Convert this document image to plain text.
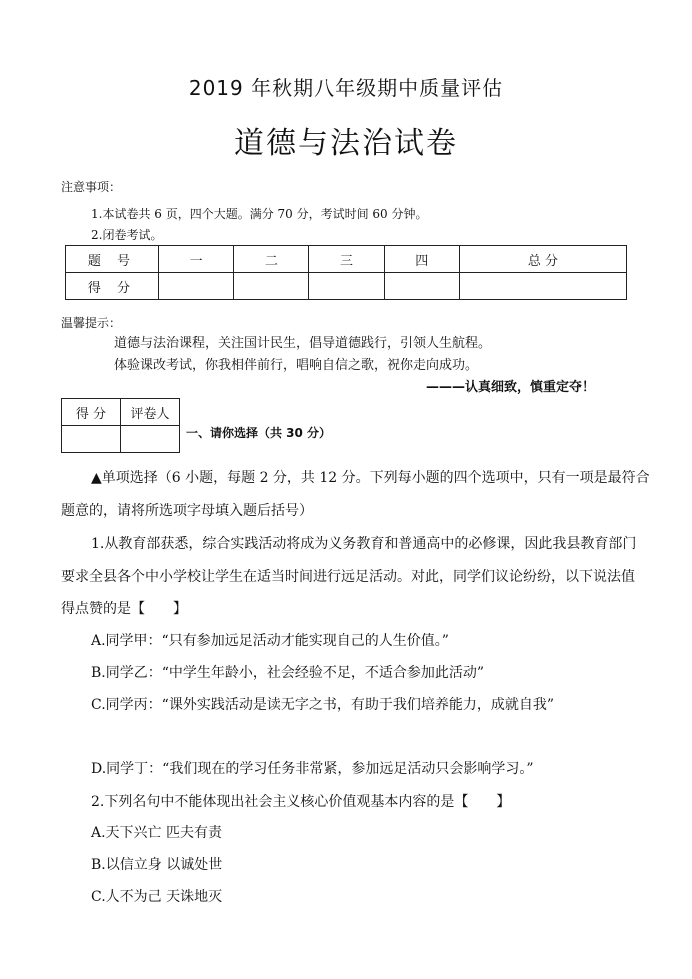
2019 年秋期八年级期中质量评估
道德与法治试卷
注意事项：
1.本试卷共 6 页，四个大题。满分 70 分，考试时间 60 分钟。
2.闭卷考试。
题 号	一	二	三	四	总 分
得 分					
温馨提示：
道德与法治课程，关注国计民生，倡导道德践行，引领人生航程。
体验课改考试，你我相伴前行，唱响自信之歌，祝你走向成功。
———认真细致，慎重定夺！
得 分	评卷人

一、请你选择（共 30 分）
▲单项选择（6 小题，每题 2 分，共 12 分。下列每小题的四个选项中，只有一项是最符合
题意的，请将所选项字母填入题后括号）
1.从教育部获悉，综合实践活动将成为义务教育和普通高中的必修课，因此我县教育部门
要求全县各个中小学校让学生在适当时间进行远足活动。对此，同学们议论纷纷，以下说法值
得点赞的是【　　】
A.同学甲：“只有参加远足活动才能实现自己的人生价值。”
B.同学乙：“中学生年龄小，社会经验不足，不适合参加此活动”
C.同学丙：“课外实践活动是读无字之书，有助于我们培养能力，成就自我”
D.同学丁：“我们现在的学习任务非常紧，参加远足活动只会影响学习。”
2.下列名句中不能体现出社会主义核心价值观基本内容的是【　　】
A.天下兴亡 匹夫有责
B.以信立身 以诚处世
C.人不为己 天诛地灭
